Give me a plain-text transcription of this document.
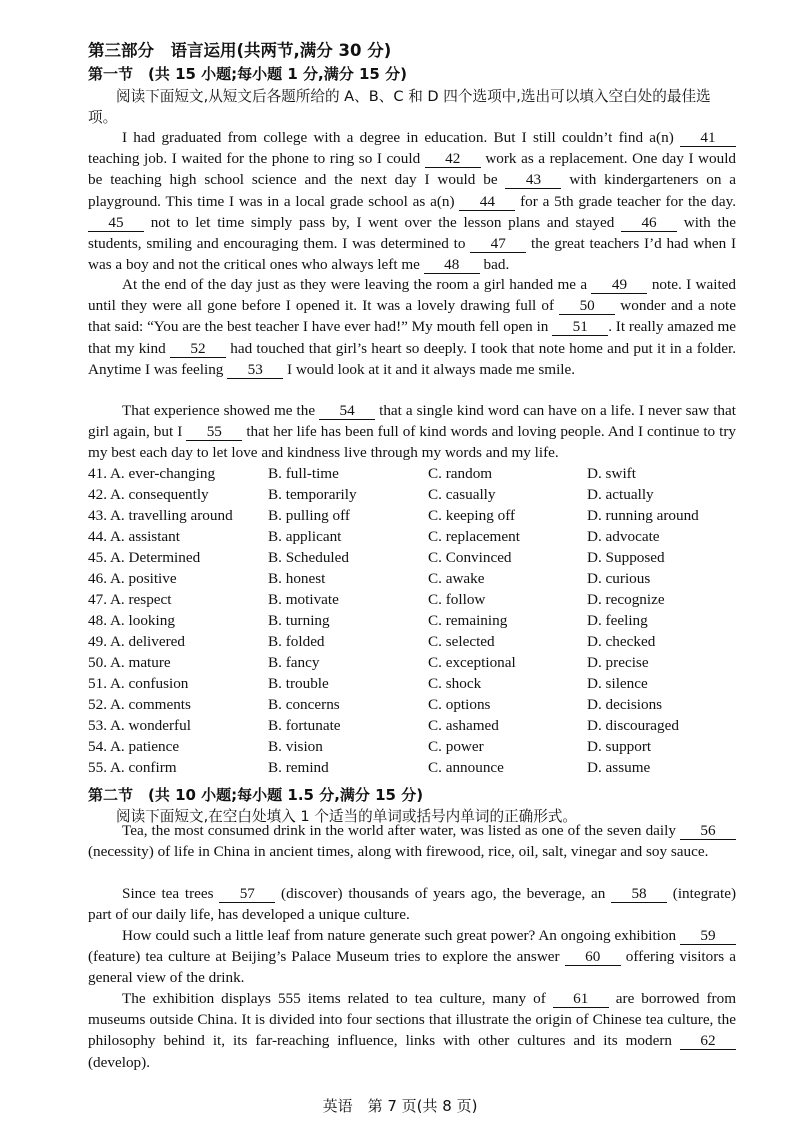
第三部分　语言运用(共两节,满分 30 分)
第一节　(共 15 小题;每小题 1 分,满分 15 分)
阅读下面短文,从短文后各题所给的 A、B、C 和 D 四个选项中,选出可以填入空白处的最佳选项。
I had graduated from college with a degree in education. But I still couldn’t find a(n) 41 teaching job. I waited for the phone to ring so I could 42 work as a replacement. One day I would be teaching high school science and the next day I would be 43 with kindergarteners on a playground. This time I was in a local grade school as a(n) 44 for a 5th grade teacher for the day. 45 not to let time simply pass by, I went over the lesson plans and stayed 46 with the students, smiling and encouraging them. I was determined to 47 the great teachers I’d had when I was a boy and not the critical ones who always left me 48 bad.
At the end of the day just as they were leaving the room a girl handed me a 49 note. I waited until they were all gone before I opened it. It was a lovely drawing full of 50 wonder and a note that said: “You are the best teacher I have ever had!” My mouth fell open in 51 . It really amazed me that my kind 52 had touched that girl’s heart so deeply. I took that note home and put it in a folder. Anytime I was feeling 53 I would look at it and it always made me smile.
That experience showed me the 54 that a single kind word can have on a life. I never saw that girl again, but I 55 that her life has been full of kind words and loving people. And I continue to try my best each day to let love and kindness live through my words and my life.
41. A. ever-changing	B. full-time	C. random	D. swift
42. A. consequently	B. temporarily	C. casually	D. actually
43. A. travelling around	B. pulling off	C. keeping off	D. running around
44. A. assistant	B. applicant	C. replacement	D. advocate
45. A. Determined	B. Scheduled	C. Convinced	D. Supposed
46. A. positive	B. honest	C. awake	D. curious
47. A. respect	B. motivate	C. follow	D. recognize
48. A. looking	B. turning	C. remaining	D. feeling
49. A. delivered	B. folded	C. selected	D. checked
50. A. mature	B. fancy	C. exceptional	D. precise
51. A. confusion	B. trouble	C. shock	D. silence
52. A. comments	B. concerns	C. options	D. decisions
53. A. wonderful	B. fortunate	C. ashamed	D. discouraged
54. A. patience	B. vision	C. power	D. support
55. A. confirm	B. remind	C. announce	D. assume
第二节　(共 10 小题;每小题 1.5 分,满分 15 分)
阅读下面短文,在空白处填入 1 个适当的单词或括号内单词的正确形式。
Tea, the most consumed drink in the world after water, was listed as one of the seven daily 56 (necessity) of life in China in ancient times, along with firewood, rice, oil, salt, vinegar and soy sauce.
Since tea trees 57 (discover) thousands of years ago, the beverage, an 58 (integrate) part of our daily life, has developed a unique culture.
How could such a little leaf from nature generate such great power? An ongoing exhibition 59 (feature) tea culture at Beijing’s Palace Museum tries to explore the answer 60 offering visitors a general view of the drink.
The exhibition displays 555 items related to tea culture, many of 61 are borrowed from museums outside China. It is divided into four sections that illustrate the origin of Chinese tea culture, the philosophy behind it, its far-reaching influence, links with other cultures and its modern 62 (develop).
英语　第 7 页(共 8 页)
